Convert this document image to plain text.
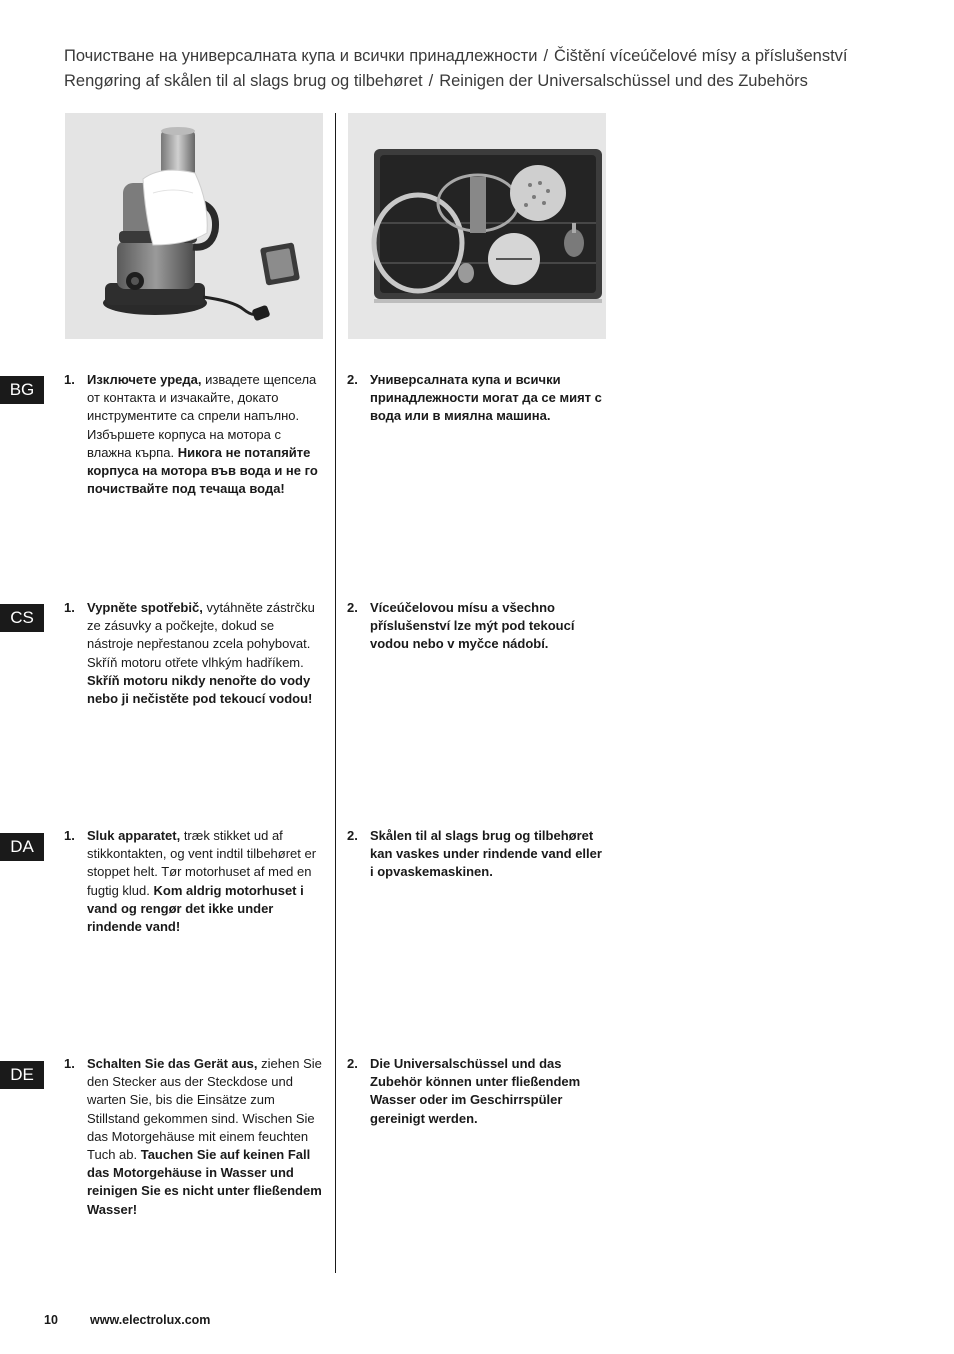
Почистване на универсалната купа и всички принадлежности / Čištění víceúčelové mísy a příslušenství
Rengøring af skålen til al slags brug og tilbehøret / Reinigen der Universalschüssel und des Zubehörs
BG
1. Изключете уреда, извадете щепсела от контакта и изчакайте, докато инструментите са спрели напълно. Избършете корпуса на мотора с влажна кърпа. Никога не потапяйте корпуса на мотора във вода и не го почиствайте под течаща вода!
2. Универсалната купа и всички принадлежности могат да се мият с вода или в миялна машина.
CS
1. Vypněte spotřebič, vytáhněte zástrčku ze zásuvky a počkejte, dokud se nástroje nepřestanou zcela pohybovat. Skříň motoru otřete vlhkým hadříkem. Skříň motoru nikdy nenořte do vody nebo ji nečistěte pod tekoucí vodou!
2. Víceúčelovou mísu a všechno příslušenství lze mýt pod tekoucí vodou nebo v myčce nádobí.
DA
1. Sluk apparatet, træk stikket ud af stikkontakten, og vent indtil tilbehøret er stoppet helt. Tør motorhuset af med en fugtig klud. Kom aldrig motorhuset i vand og rengør det ikke under rindende vand!
2. Skålen til al slags brug og tilbehøret kan vaskes under rindende vand eller i opvaskemaskinen.
DE
1. Schalten Sie das Gerät aus, ziehen Sie den Stecker aus der Steckdose und warten Sie, bis die Einsätze zum Stillstand gekommen sind. Wischen Sie das Motorgehäuse mit einem feuchten Tuch ab. Tauchen Sie auf keinen Fall das Motorgehäuse in Wasser und reinigen Sie es nicht unter fließendem Wasser!
2. Die Universalschüssel und das Zubehör können unter fließendem Wasser oder im Geschirrspüler gereinigt werden.
10	www.electrolux.com
